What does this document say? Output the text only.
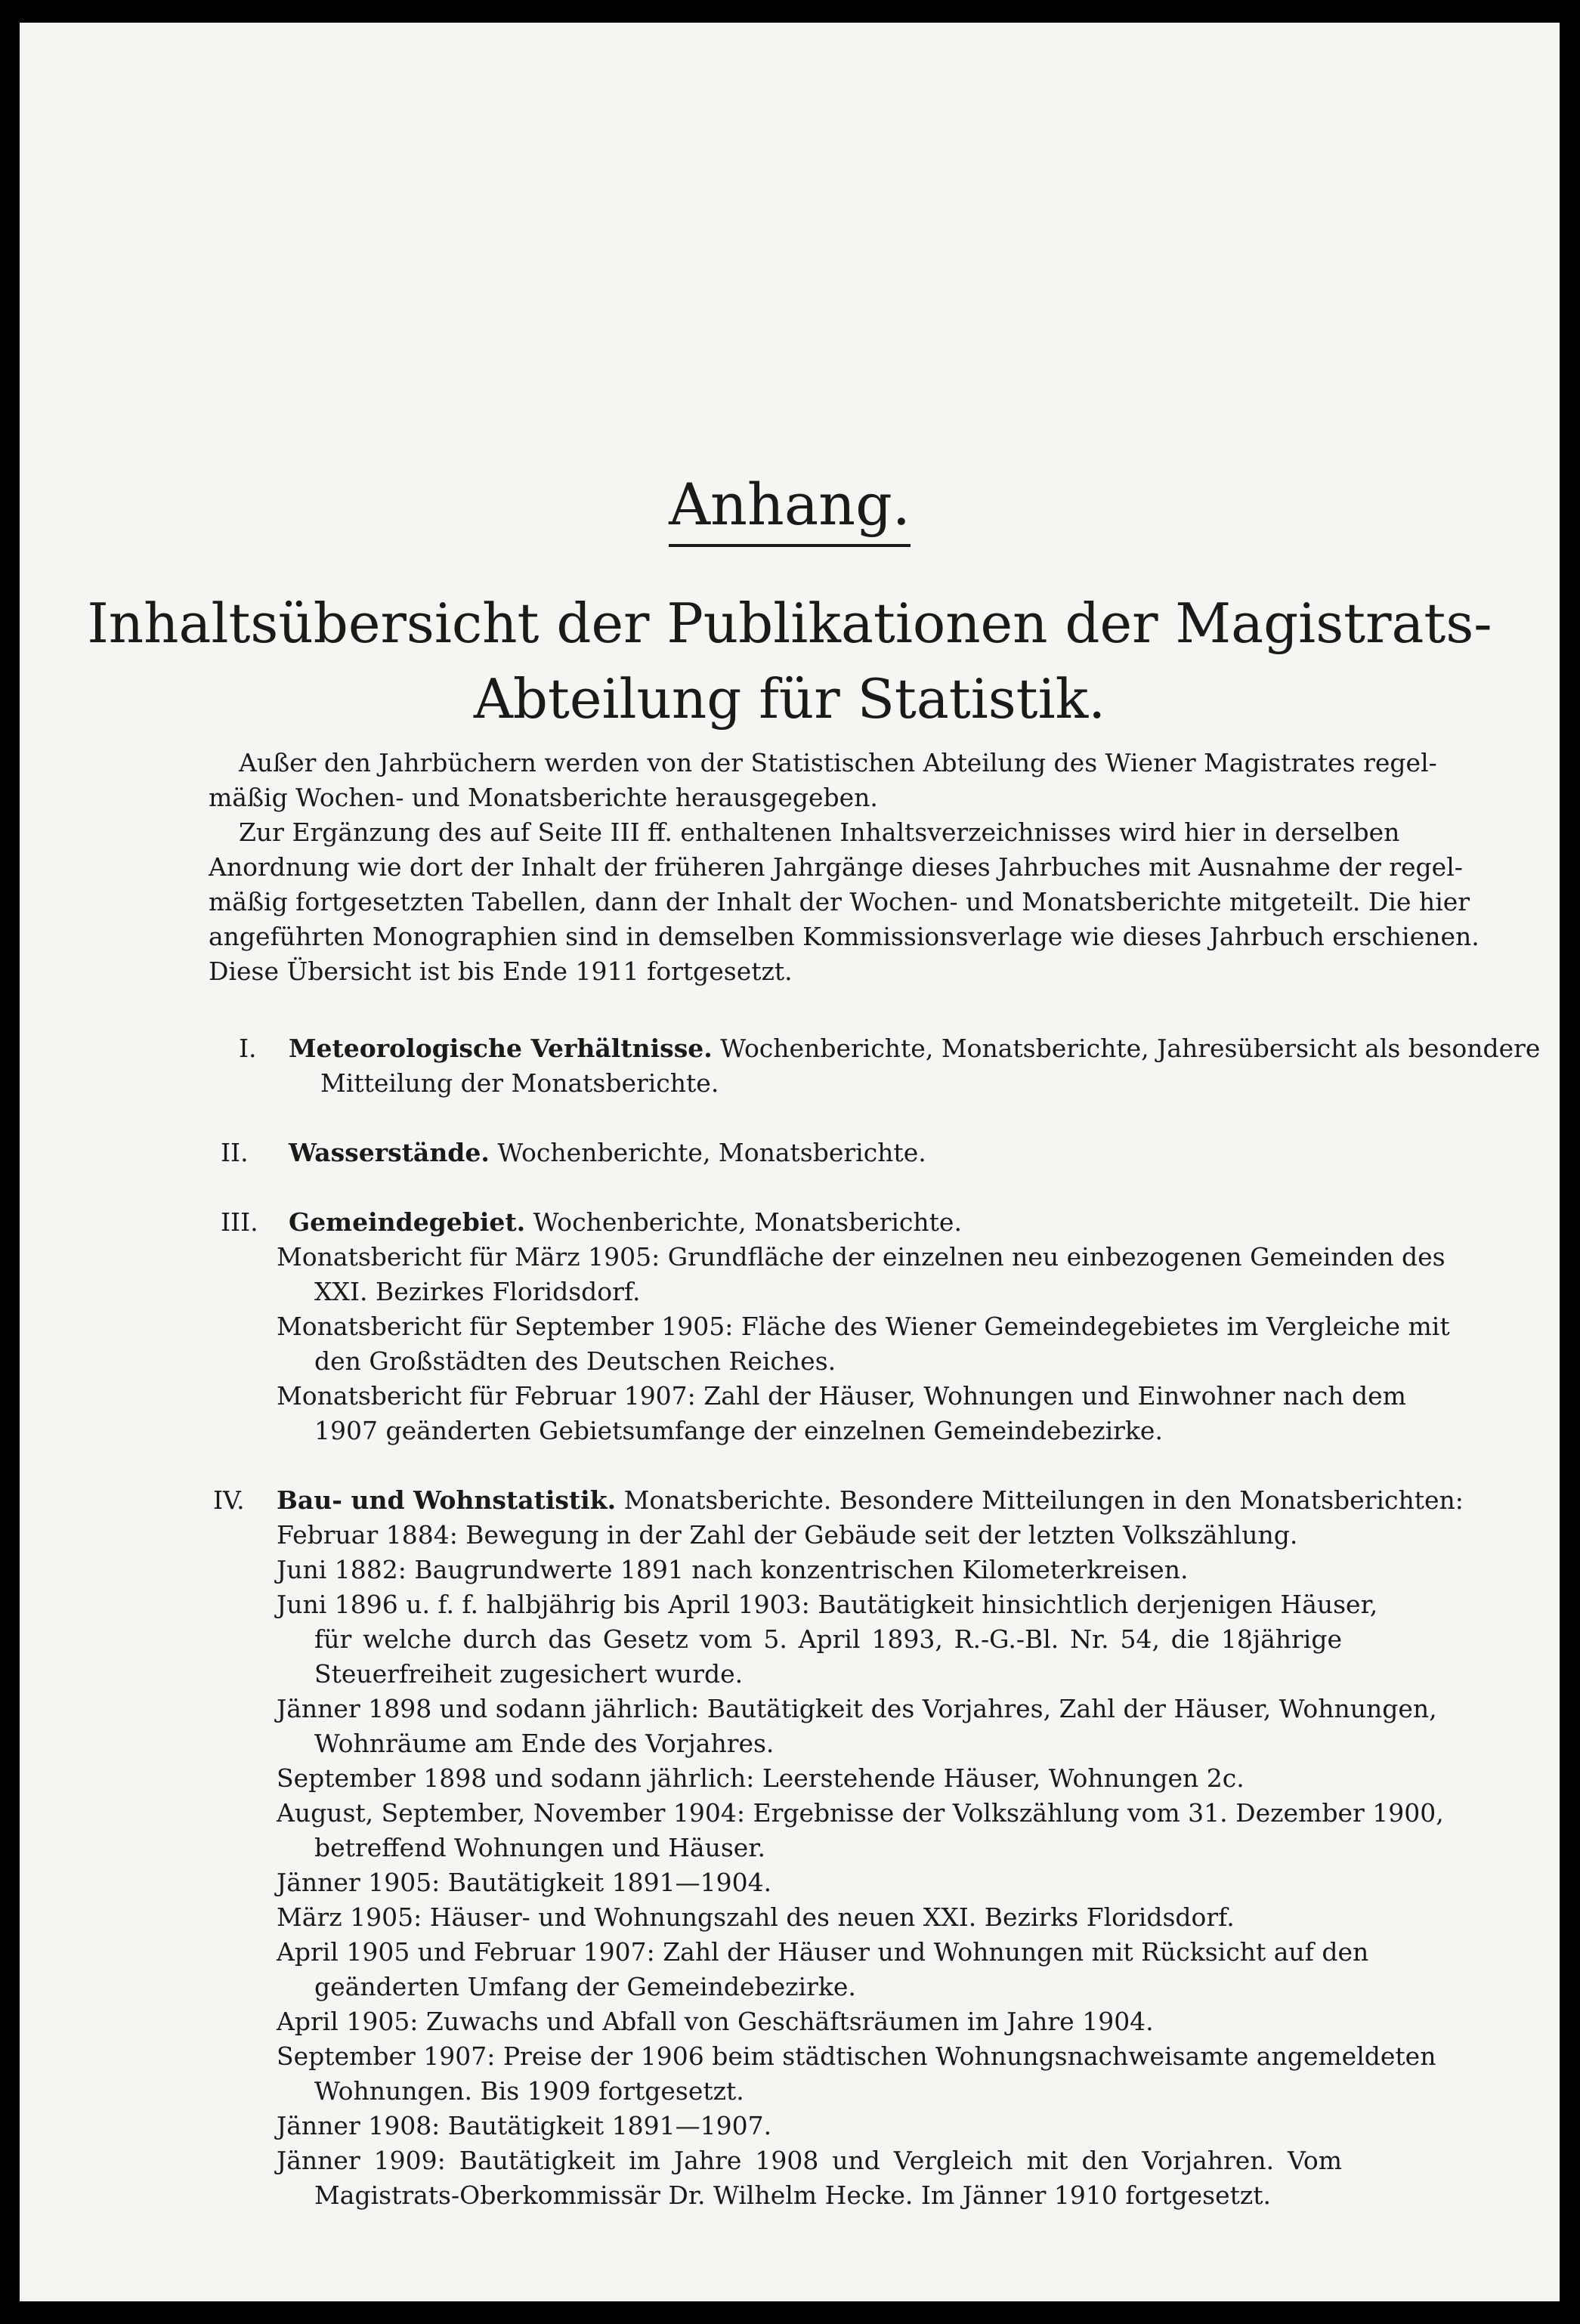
Anhang.
Inhaltsübersicht der Publikationen der Magistrats-
Abteilung für Statistik.
Außer den Jahrbüchern werden von der Statistischen Abteilung des Wiener Magistrates regel-
mäßig Wochen- und Monatsberichte herausgegeben.
Zur Ergänzung des auf Seite III ff. enthaltenen Inhaltsverzeichnisses wird hier in derselben
Anordnung wie dort der Inhalt der früheren Jahrgänge dieses Jahrbuches mit Ausnahme der regel-
mäßig fortgesetzten Tabellen, dann der Inhalt der Wochen- und Monatsberichte mitgeteilt. Die hier
angeführten Monographien sind in demselben Kommissionsverlage wie dieses Jahrbuch erschienen.
Diese Übersicht ist bis Ende 1911 fortgesetzt.
I. Meteorologische Verhältnisse. Wochenberichte, Monatsberichte, Jahresübersicht als besondere
Mitteilung der Monatsberichte.
II. Wasserstände. Wochenberichte, Monatsberichte.
III. Gemeindegebiet. Wochenberichte, Monatsberichte.
Monatsbericht für März 1905: Grundfläche der einzelnen neu einbezogenen Gemeinden des
XXI. Bezirkes Floridsdorf.
Monatsbericht für September 1905: Fläche des Wiener Gemeindegebietes im Vergleiche mit
den Großstädten des Deutschen Reiches.
Monatsbericht für Februar 1907: Zahl der Häuser, Wohnungen und Einwohner nach dem
1907 geänderten Gebietsumfange der einzelnen Gemeindebezirke.
IV. Bau- und Wohnstatistik. Monatsberichte. Besondere Mitteilungen in den Monatsberichten:
Februar 1884: Bewegung in der Zahl der Gebäude seit der letzten Volkszählung.
Juni 1882: Baugrundwerte 1891 nach konzentrischen Kilometerkreisen.
Juni 1896 u. f. f. halbjährig bis April 1903: Bautätigkeit hinsichtlich derjenigen Häuser,
für welche durch das Gesetz vom 5. April 1893, R.-G.-Bl. Nr. 54, die 18jährige
Steuerfreiheit zugesichert wurde.
Jänner 1898 und sodann jährlich: Bautätigkeit des Vorjahres, Zahl der Häuser, Wohnungen,
Wohnräume am Ende des Vorjahres.
September 1898 und sodann jährlich: Leerstehende Häuser, Wohnungen 2c.
August, September, November 1904: Ergebnisse der Volkszählung vom 31. Dezember 1900,
betreffend Wohnungen und Häuser.
Jänner 1905: Bautätigkeit 1891—1904.
März 1905: Häuser- und Wohnungszahl des neuen XXI. Bezirks Floridsdorf.
April 1905 und Februar 1907: Zahl der Häuser und Wohnungen mit Rücksicht auf den
geänderten Umfang der Gemeindebezirke.
April 1905: Zuwachs und Abfall von Geschäftsräumen im Jahre 1904.
September 1907: Preise der 1906 beim städtischen Wohnungsnachweisamte angemeldeten
Wohnungen. Bis 1909 fortgesetzt.
Jänner 1908: Bautätigkeit 1891—1907.
Jänner 1909: Bautätigkeit im Jahre 1908 und Vergleich mit den Vorjahren. Vom
Magistrats-Oberkommissär Dr. Wilhelm Hecke. Im Jänner 1910 fortgesetzt.
